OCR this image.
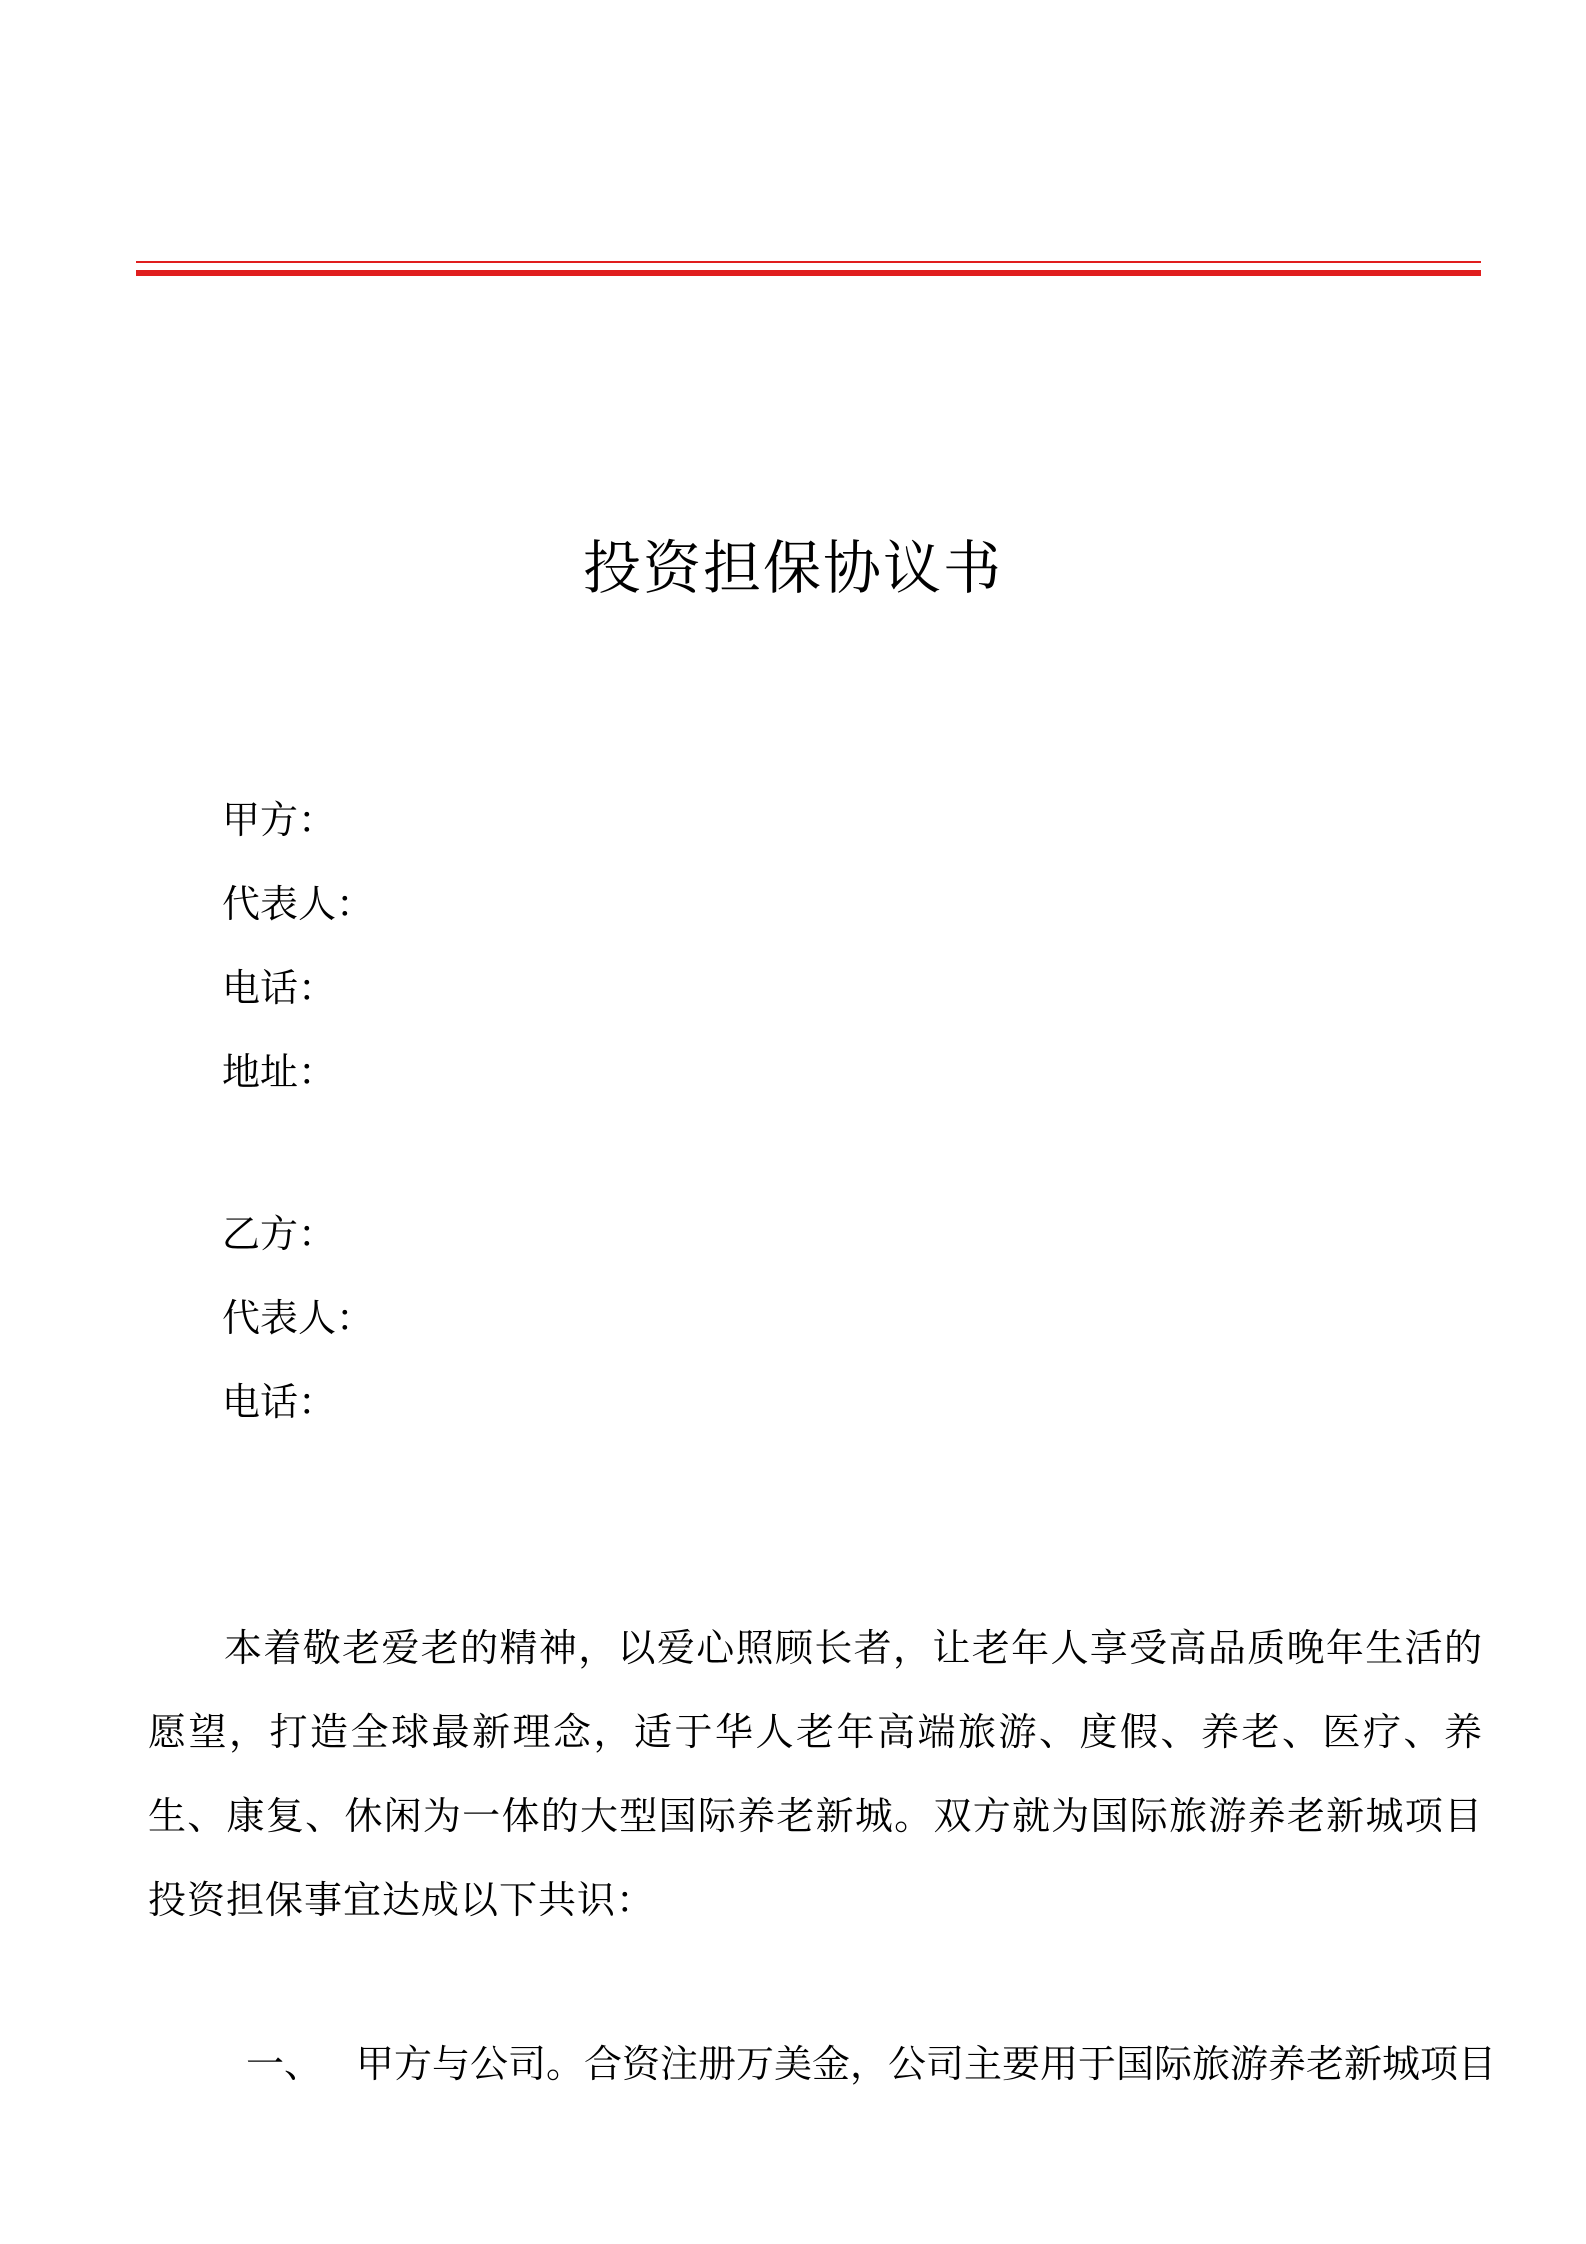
投资担保协议书
甲方：
代表人：
电话：
地址：
乙方：
代表人：
电话：

本着敬老爱老的精神，以爱心照顾长者，让老年人享受高品质晚年生活的愿望，打造全球最新理念，适于华人老年高端旅游、度假、养老、医疗、养生、康复、休闲为一体的大型国际养老新城。双方就为国际旅游养老新城项目投资担保事宜达成以下共识：

一、 甲方与公司。合资注册万美金，公司主要用于国际旅游养老新城项目
